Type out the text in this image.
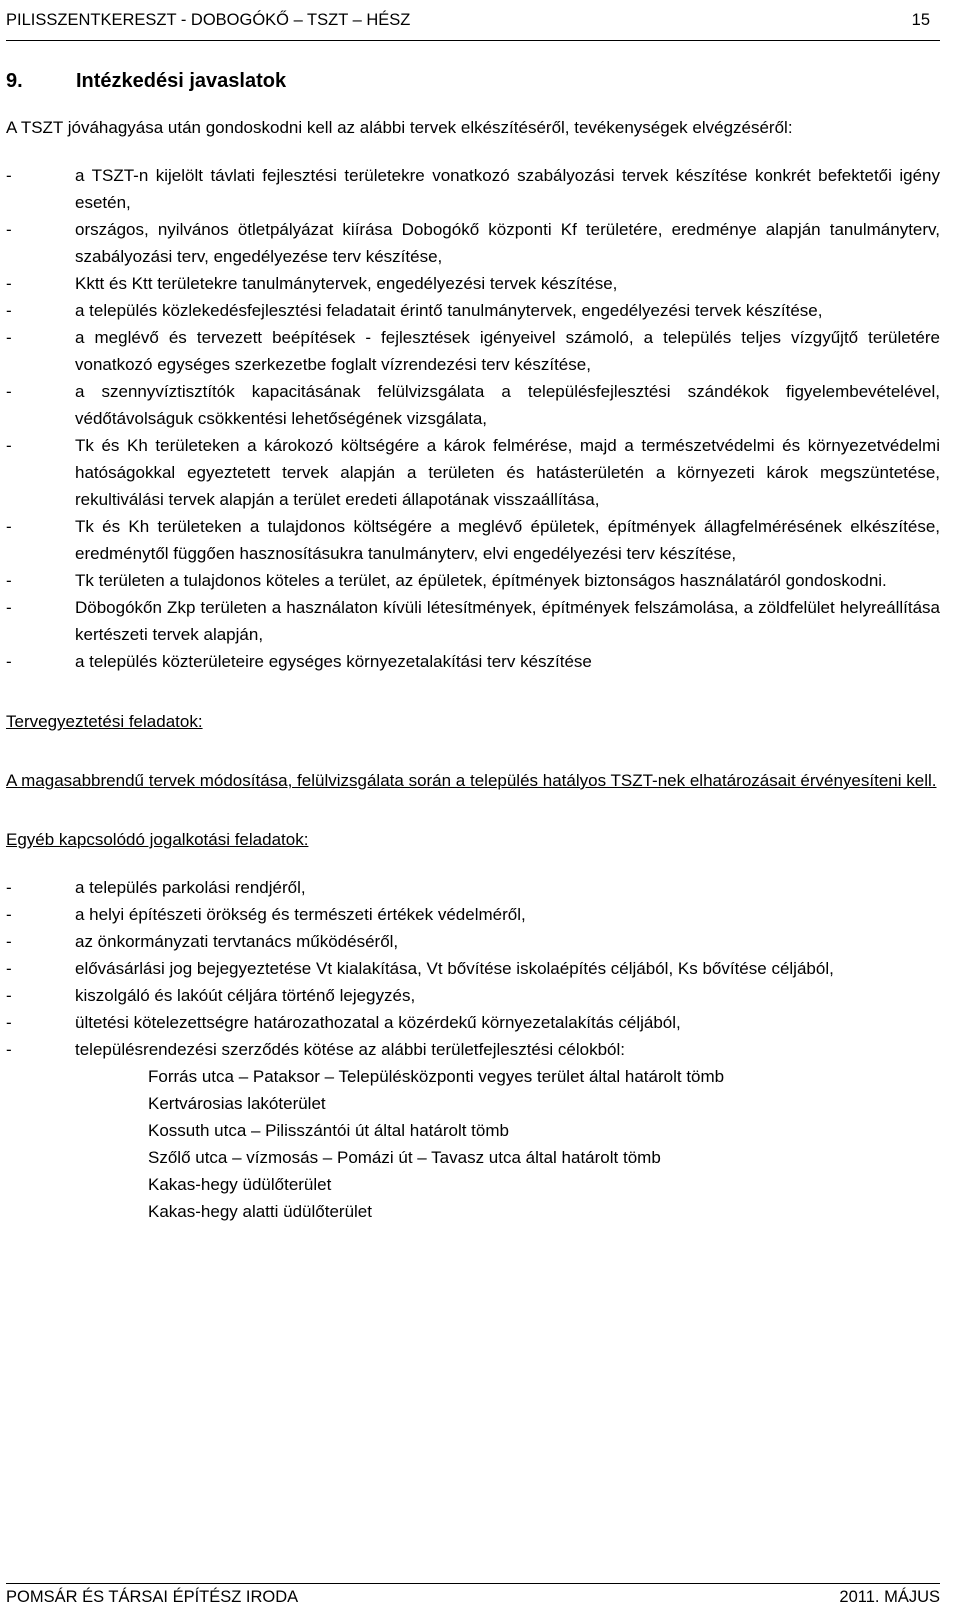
PILISSZENTKERESZT - DOBOGÓKŐ – TSZT – HÉSZ	15
9.	Intézkedési javaslatok

A TSZT jóváhagyása után gondoskodni kell az alábbi tervek elkészítéséről, tevékenységek elvégzéséről:

-	a TSZT-n kijelölt távlati fejlesztési területekre vonatkozó szabályozási tervek készítése konkrét befektetői igény esetén,
-	országos, nyilvános ötletpályázat kiírása Dobogókő központi Kf területére, eredménye alapján tanulmányterv, szabályozási terv, engedélyezése terv készítése,
-	Kktt és Ktt területekre tanulmánytervek, engedélyezési tervek készítése,
-	a település közlekedésfejlesztési feladatait érintő tanulmánytervek, engedélyezési tervek készítése,
-	a meglévő és tervezett beépítések - fejlesztések igényeivel számoló, a település teljes vízgyűjtő területére vonatkozó egységes szerkezetbe foglalt vízrendezési terv készítése,
-	a szennyvíztisztítók kapacitásának felülvizsgálata a településfejlesztési szándékok figyelembevételével, védőtávolságuk csökkentési lehetőségének vizsgálata,
-	Tk és Kh területeken a károkozó költségére a károk felmérése, majd a természetvédelmi és környezetvédelmi hatóságokkal egyeztetett tervek alapján a területen és hatásterületén a környezeti károk megszüntetése, rekultiválási tervek alapján a terület eredeti állapotának visszaállítása,
-	Tk és Kh területeken a tulajdonos költségére a meglévő épületek, építmények állagfelmérésének elkészítése, eredménytől függően hasznosításukra tanulmányterv, elvi engedélyezési terv készítése,
-	Tk területen a tulajdonos köteles a terület, az épületek, építmények biztonságos használatáról gondoskodni.
-	Döbogókőn Zkp területen a használaton kívüli létesítmények, építmények felszámolása, a zöldfelület helyreállítása kertészeti tervek alapján,
-	a település közterületeire egységes környezetalakítási terv készítése

Tervegyeztetési feladatok:

A magasabbrendű tervek módosítása, felülvizsgálata során a település hatályos TSZT-nek elhatározásait érvényesíteni kell.

Egyéb kapcsolódó jogalkotási feladatok:

-	a település parkolási rendjéről,
-	a helyi építészeti örökség és természeti értékek védelméről,
-	az önkormányzati tervtanács működéséről,
-	elővásárlási jog bejegyeztetése Vt kialakítása, Vt bővítése iskolaépítés céljából, Ks bővítése céljából,
-	kiszolgáló és lakóút céljára történő lejegyzés,
-	ültetési kötelezettségre határozathozatal a közérdekű környezetalakítás céljából,
-	településrendezési szerződés kötése az alábbi területfejlesztési célokból:
Forrás utca – Pataksor – Településközponti vegyes terület által határolt tömb
Kertvárosias lakóterület
Kossuth utca – Pilisszántói út által határolt tömb
Szőlő utca – vízmosás – Pomázi út – Tavasz utca által határolt tömb
Kakas-hegy üdülőterület
Kakas-hegy alatti üdülőterület
POMSÁR ÉS TÁRSAI ÉPÍTÉSZ IRODA	2011. MÁJUS
